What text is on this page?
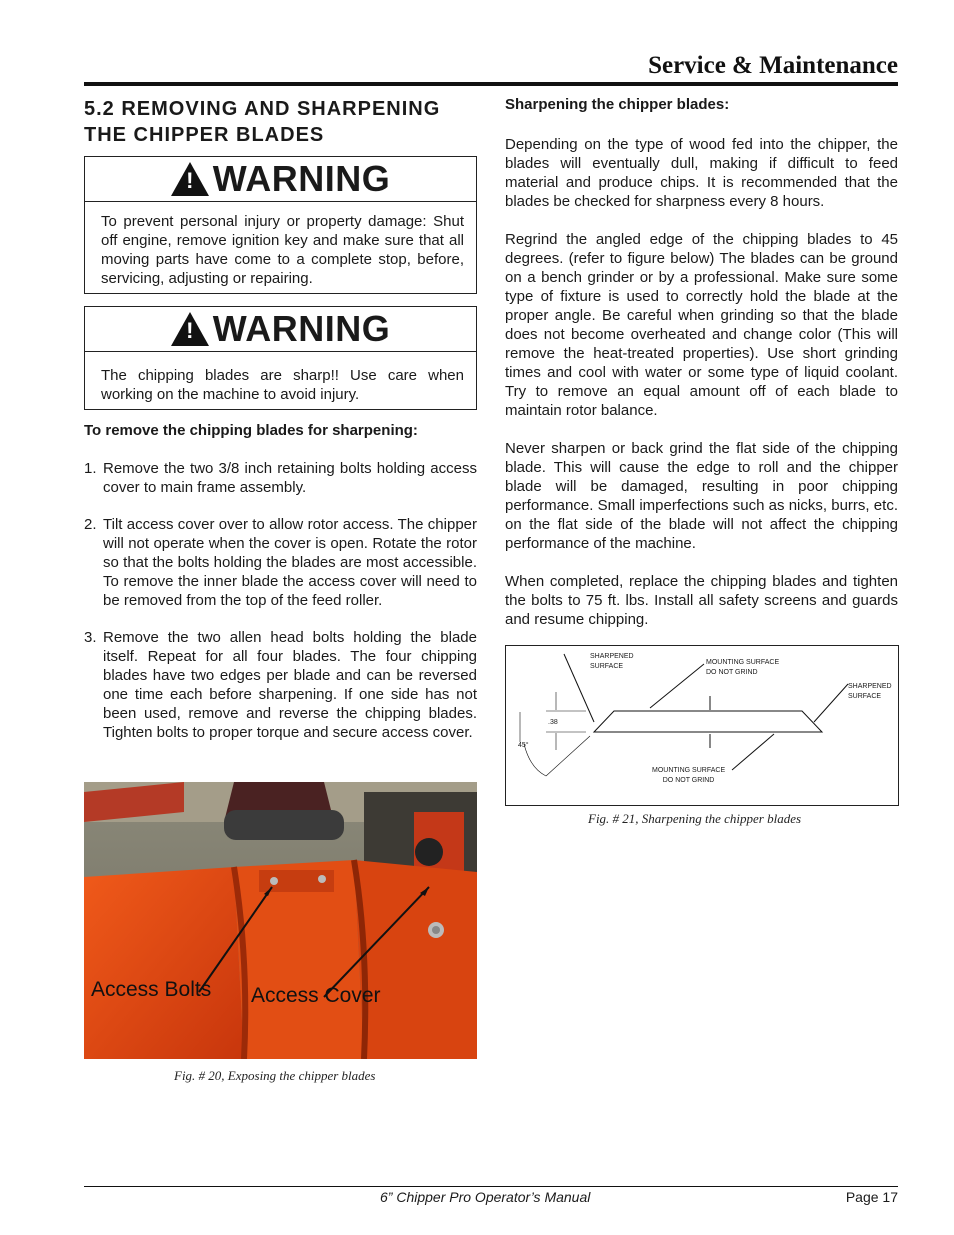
Service & Maintenance
5.2 REMOVING AND SHARPENING THE CHIPPER BLADES
! WARNING
To prevent personal injury or property damage: Shut off engine, remove ignition key and make sure that all moving parts have come to a complete stop, before, servicing, adjusting or repairing.
! WARNING
The chipping blades are sharp!! Use care when working on the machine to avoid injury.
To remove the chipping blades for sharpening:
1. Remove the two 3/8 inch retaining bolts holding access cover to main frame assembly.
2. Tilt access cover over to allow rotor access. The chipper will not operate when the cover is open. Rotate the rotor so that the bolts holding the blades are most accessible. To remove the inner blade the access cover will need to be removed from the top of the feed roller.
3. Remove the two allen head bolts holding the blade itself. Repeat for all four blades. The four chipping blades have two edges per blade and can be reversed one time each before sharpening. If one side has not been used, remove and reverse the chipping blades. Tighten bolts to proper torque and secure access cover.
Access Bolts Access Cover
Fig. # 20, Exposing the chipper blades
Sharpening the chipper blades:

Depending on the type of wood fed into the chipper, the blades will eventually dull, making if difficult to feed material and produce chips. It is recommended that the blades be checked for sharpness every 8 hours.

Regrind the angled edge of the chipping blades to 45 degrees. (refer to figure below) The blades can be ground on a bench grinder or by a professional. Make sure some type of fixture is used to correctly hold the blade at the proper angle. Be careful when grinding so that the blade does not become overheated and change color (This will remove the heat-treated properties). Use short grinding times and cool with water or some type of liquid coolant. Try to remove an equal amount off of each blade to maintain rotor balance.

Never sharpen or back grind the flat side of the chipping blade. This will cause the edge to roll and the chipper blade will be damaged, resulting in poor chipping performance. Small imperfections such as nicks, burrs, etc. on the flat side of the blade will not affect the chipping performance of the machine.

When completed, replace the chipping blades and tighten the bolts to 75 ft. lbs. Install all safety screens and guards and resume chipping.

SHARPENED
SURFACE
MOUNTING SURFACE
DO NOT GRIND
SHARPENED
SURFACE
.38
45°
MOUNTING SURFACE
DO NOT GRIND
Fig. # 21, Sharpening the chipper blades
6” Chipper Pro Operator’s Manual	Page 17
